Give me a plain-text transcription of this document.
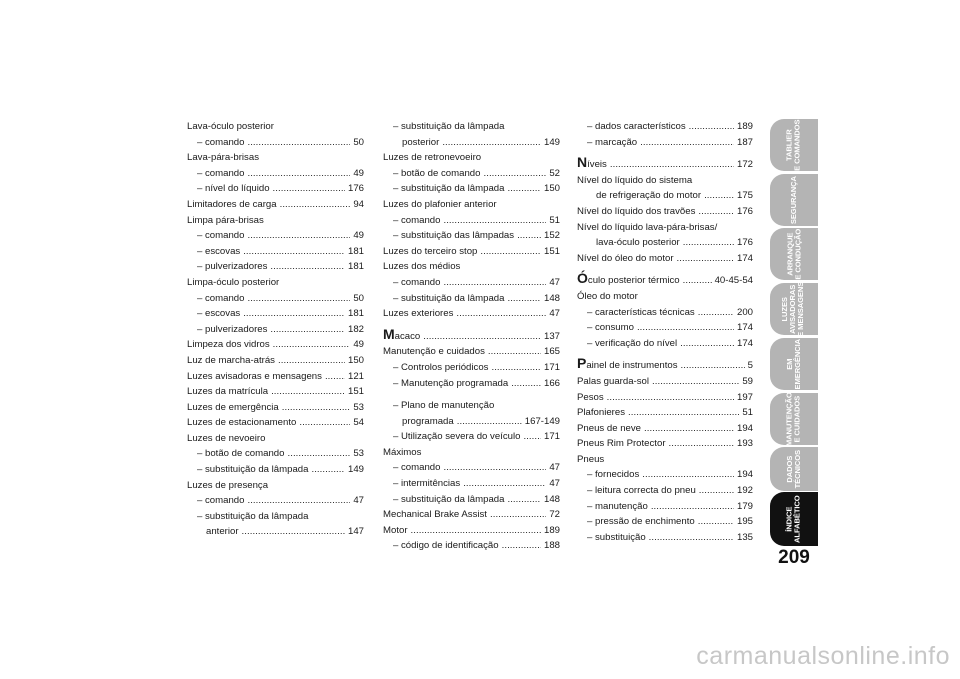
Lava-óculo posterior
– comando . . .	50
Lava-pára-brisas
– comando . . .	49
– nível do líquido . . .	176
Limitadores de carga . . .	94
Limpa pára-brisas
– comando . . .	49
– escovas . . .	181
– pulverizadores . . .	181
Limpa-óculo posterior
– comando . . .	50
– escovas . . .	181
– pulverizadores . . .	182
Limpeza dos vidros . . .	49
Luz de marcha-atrás . . .	150
Luzes avisadoras e mensagens . . .	121
Luzes da matrícula . . .	151
Luzes de emergência . . .	53
Luzes de estacionamento . . .	54
Luzes de nevoeiro
– botão de comando . . .	53
– substituição da lâmpada . . .	149
Luzes de presença
– comando . . .	47
– substituição da lâmpada
anterior . . .	147
– substituição da lâmpada
posterior . . .	149
Luzes de retronevoeiro
– botão de comando . . .	52
– substituição da lâmpada . . .	150
Luzes do plafonier anterior
– comando . . .	51
– substituição das lâmpadas . . .	152
Luzes do terceiro stop . . .	151
Luzes dos médios
– comando . . .	47
– substituição da lâmpada . . .	148
Luzes exteriores . . .	47
Macaco . . .	137
Manutenção e cuidados . . .	165
– Controlos periódicos . . .	171
– Manutenção programada . . .	166
– Plano de manutenção
programada . . .	167-149
– Utilização severa do veículo . . . 171
Máximos
– comando . . .	47
– intermitências . . .	47
– substituição da lâmpada . . .	148
Mechanical Brake Assist . . .	72
Motor . . .	189
– código de identificação . . .	188
– dados característicos . . .	189
– marcação . . .	187
Níveis . . .	172
Nível do líquido do sistema
de refrigeração do motor . . .	175
Nível do líquido dos travões . . .	176
Nível do líquido lava-pára-brisas/
lava-óculo posterior . . .	176
Nível do óleo do motor . . .	174
Óculo posterior térmico . . .	40-45-54
Óleo do motor
– características técnicas . . .	200
– consumo . . .	174
– verificação do nível . . .	174
Painel de instrumentos . . .	5
Palas guarda-sol . . .	59
Pesos . . .	197
Plafonieres . . .	51
Pneus de neve . . .	194
Pneus Rim Protector . . .	193
Pneus
– fornecidos . . .	194
– leitura correcta do pneu . . .	192
– manutenção . . .	179
– pressão de enchimento . . .	195
– substituição . . .	135
TABLIER
E COMANDOS
SEGURANÇA
ARRANQUE
E CONDUÇÃO
LUZES
AVISADORAS
E MENSAGENS
EM
EMERGÊNCIA
MANUTENÇÃO
E CUIDADOS
DADOS
TÉCNICOS
ÍNDICE
ALFABÉTICO
209
carmanualsonline.info
